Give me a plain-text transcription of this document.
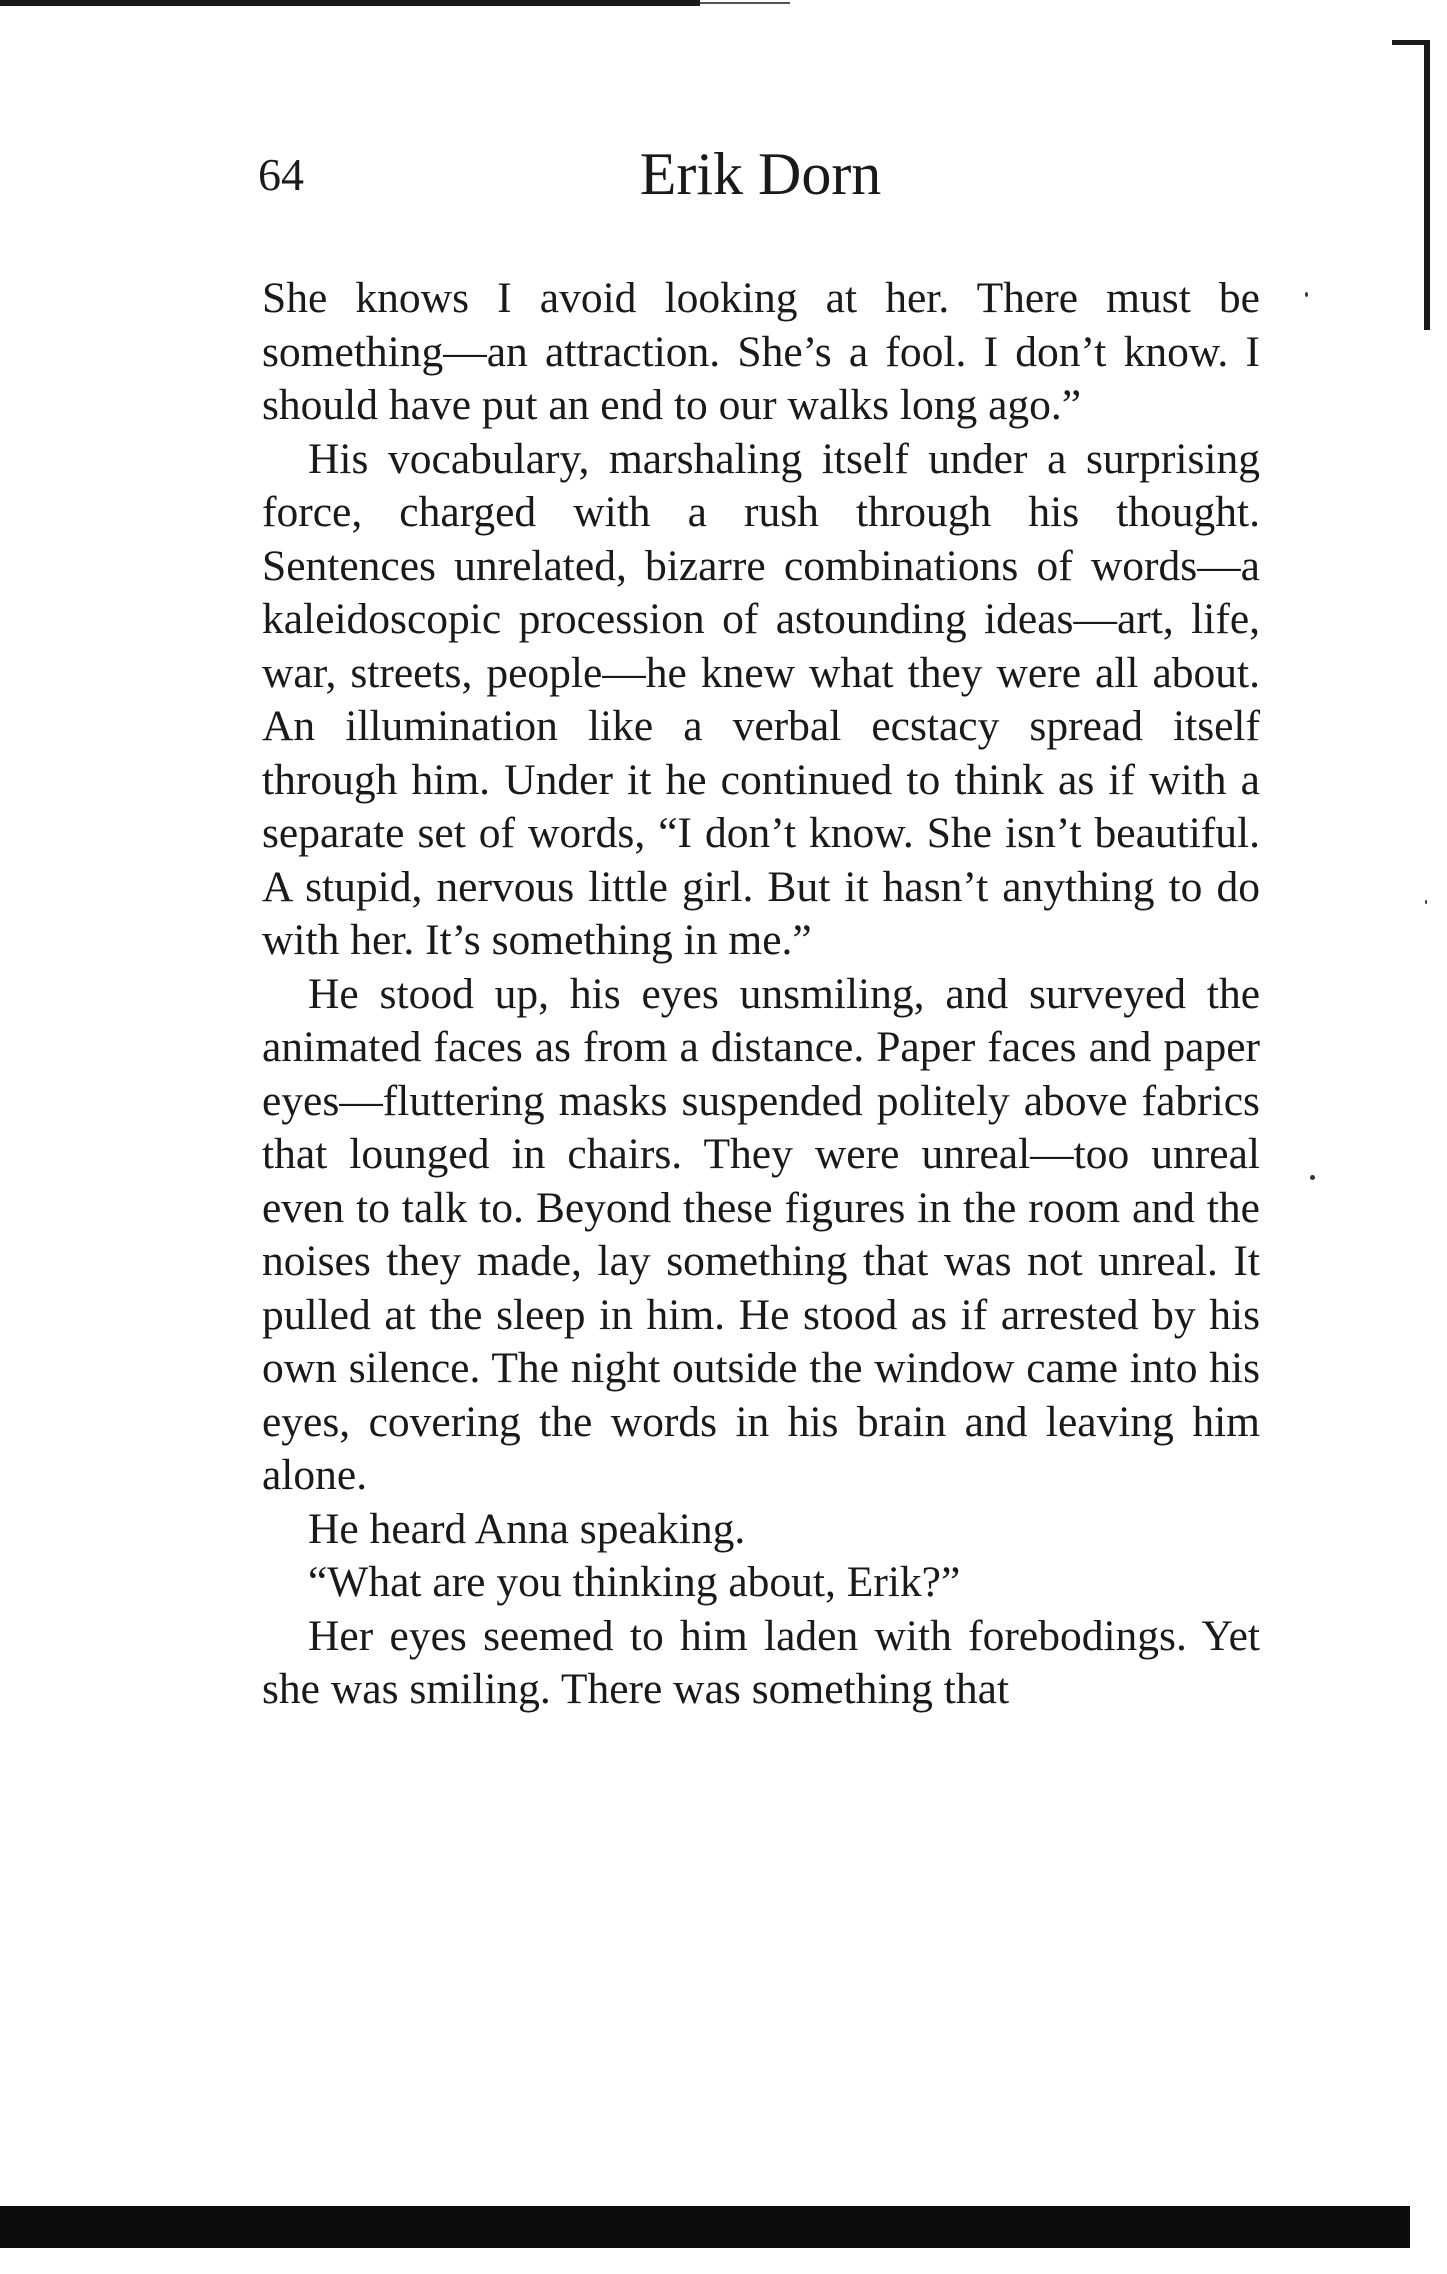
64	Erik Dorn

She knows I avoid looking at her. There must be something—an attraction. She’s a fool. I don’t know. I should have put an end to our walks long ago.”

His vocabulary, marshaling itself under a surprising force, charged with a rush through his thought. Sentences unrelated, bizarre combinations of words—a kaleidoscopic procession of astounding ideas—art, life, war, streets, people—he knew what they were all about. An illumination like a verbal ecstacy spread itself through him. Under it he continued to think as if with a separate set of words, “I don’t know. She isn’t beautiful. A stupid, nervous little girl. But it hasn’t anything to do with her. It’s something in me.”

He stood up, his eyes unsmiling, and surveyed the animated faces as from a distance. Paper faces and paper eyes—fluttering masks suspended politely above fabrics that lounged in chairs. They were unreal—too unreal even to talk to. Beyond these figures in the room and the noises they made, lay something that was not unreal. It pulled at the sleep in him. He stood as if arrested by his own silence. The night outside the window came into his eyes, covering the words in his brain and leaving him alone.

He heard Anna speaking.

“What are you thinking about, Erik?”

Her eyes seemed to him laden with forebodings. Yet she was smiling. There was something that
